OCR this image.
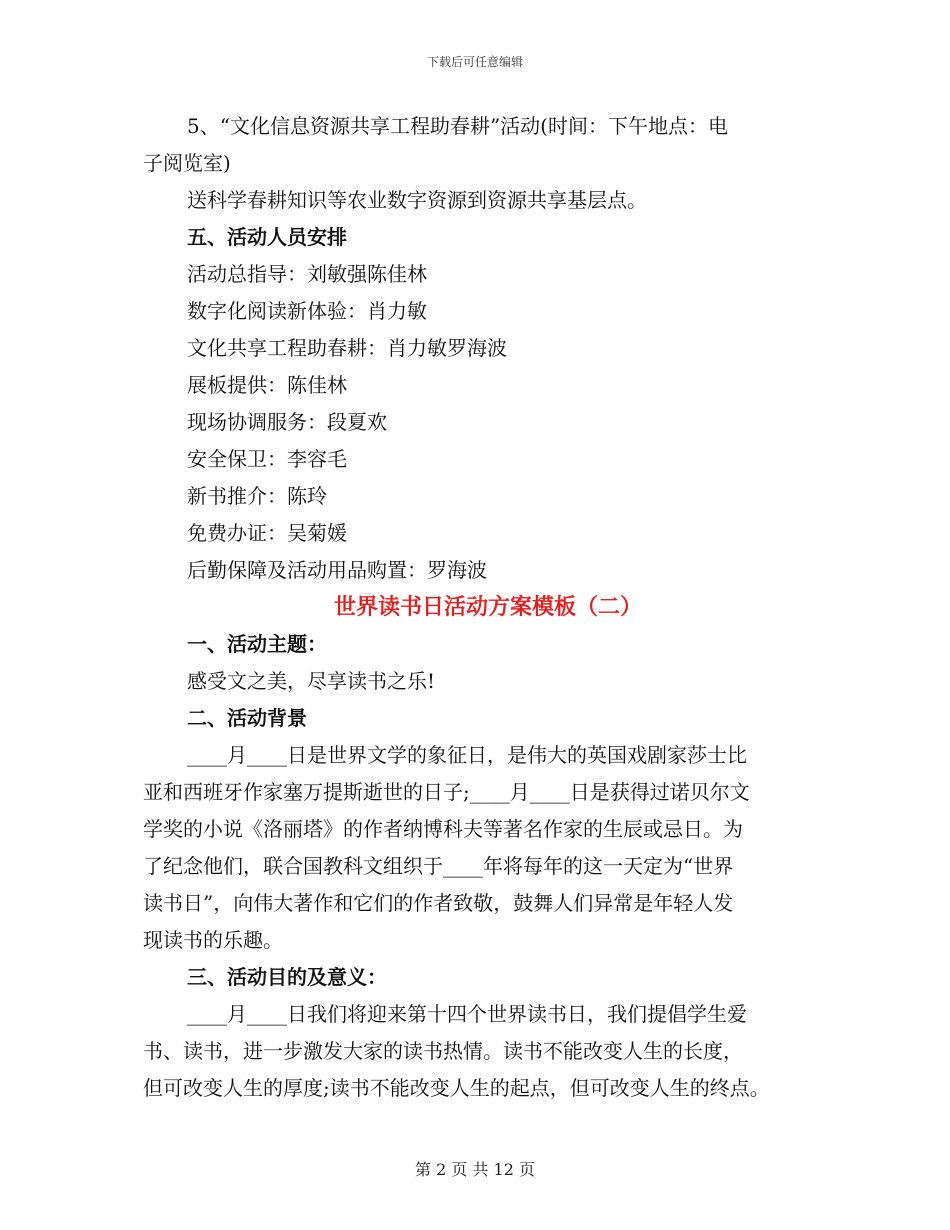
下载后可任意编辑

5、“文化信息资源共享工程助春耕”活动(时间：下午地点：电

子阅览室)

送科学春耕知识等农业数字资源到资源共享基层点。

五、活动人员安排

活动总指导：刘敏强陈佳林

数字化阅读新体验：肖力敏

文化共享工程助春耕：肖力敏罗海波

展板提供：陈佳林

现场协调服务：段夏欢

安全保卫：李容毛

新书推介：陈玲

免费办证：吴菊媛

后勤保障及活动用品购置：罗海波

世界读书日活动方案模板（二）

一、活动主题：

感受文之美，尽享读书之乐!

二、活动背景

____月____日是世界文学的象征日，是伟大的英国戏剧家莎士比

亚和西班牙作家塞万提斯逝世的日子;____月____日是获得过诺贝尔文

学奖的小说《洛丽塔》的作者纳博科夫等著名作家的生辰或忌日。为

了纪念他们，联合国教科文组织于____年将每年的这一天定为“世界

读书日”，向伟大著作和它们的作者致敬，鼓舞人们异常是年轻人发

现读书的乐趣。

三、活动目的及意义：

____月____日我们将迎来第十四个世界读书日，我们提倡学生爱

书、读书，进一步激发大家的读书热情。读书不能改变人生的长度，

但可改变人生的厚度;读书不能改变人生的起点，但可改变人生的终点。

第 2 页 共 12 页
